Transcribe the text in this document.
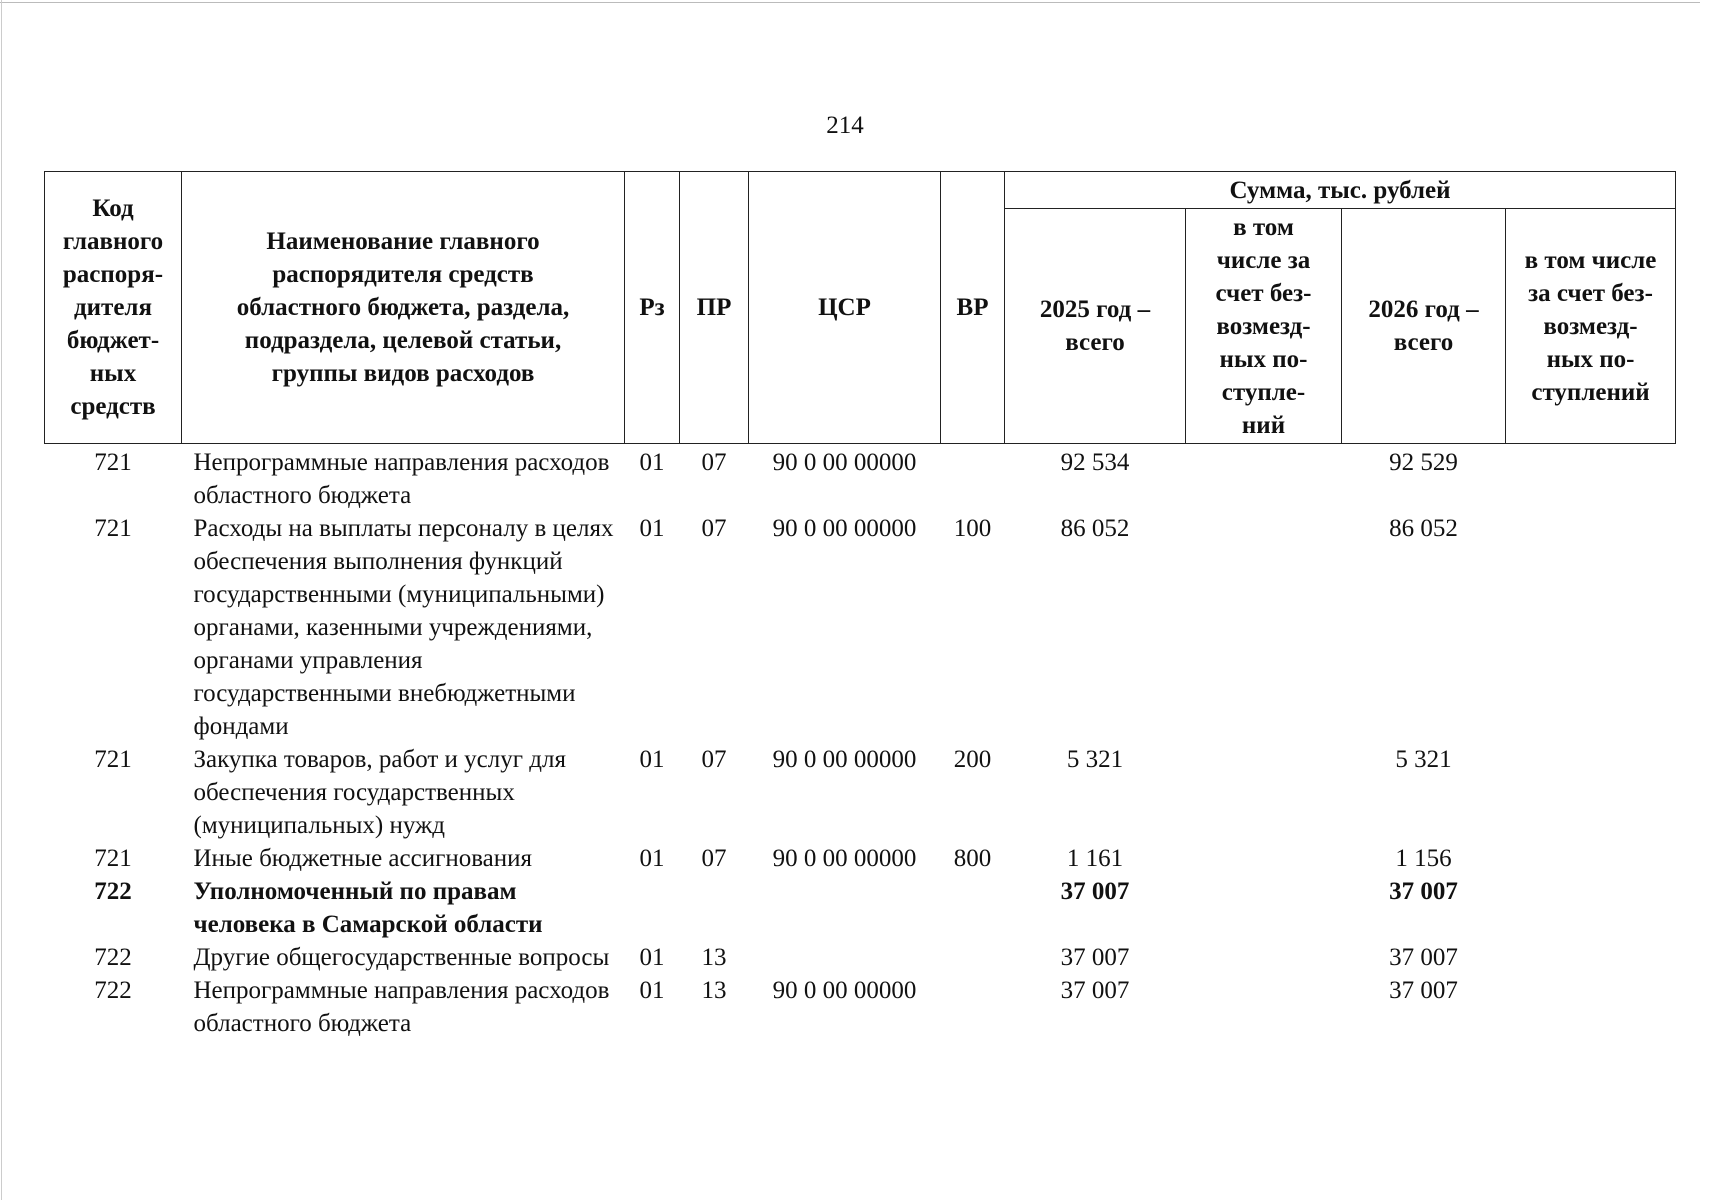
214
Код главного распоря-дителя бюджет-ных средств	Наименование главного распорядителя средств областного бюджета, раздела, подраздела, целевой статьи, группы видов расходов	Рз	ПР	ЦСР	ВР	Сумма, тыс. рублей			
						2025 год – всего	в том числе за счет без-возмезд-ных по-ступле-ний	2026 год – всего	в том числе за счет без-возмезд-ных по-ступлений
721	Непрограммные направления расходов областного бюджета	01	07	90 0 00 00000		92 534		92 529	
721	Расходы на выплаты персоналу в целях обеспечения выполнения функций государственными (муниципальными) органами, казенными учреждениями, органами управления государственными внебюджетными фондами	01	07	90 0 00 00000	100	86 052		86 052	
721	Закупка товаров, работ и услуг для обеспечения государственных (муниципальных) нужд	01	07	90 0 00 00000	200	5 321		5 321	
721	Иные бюджетные ассигнования	01	07	90 0 00 00000	800	1 161		1 156	
722	Уполномоченный по правам человека в Самарской области					37 007		37 007	
722	Другие общегосударственные вопросы	01	13			37 007		37 007	
722	Непрограммные направления расходов областного бюджета	01	13	90 0 00 00000		37 007		37 007	
